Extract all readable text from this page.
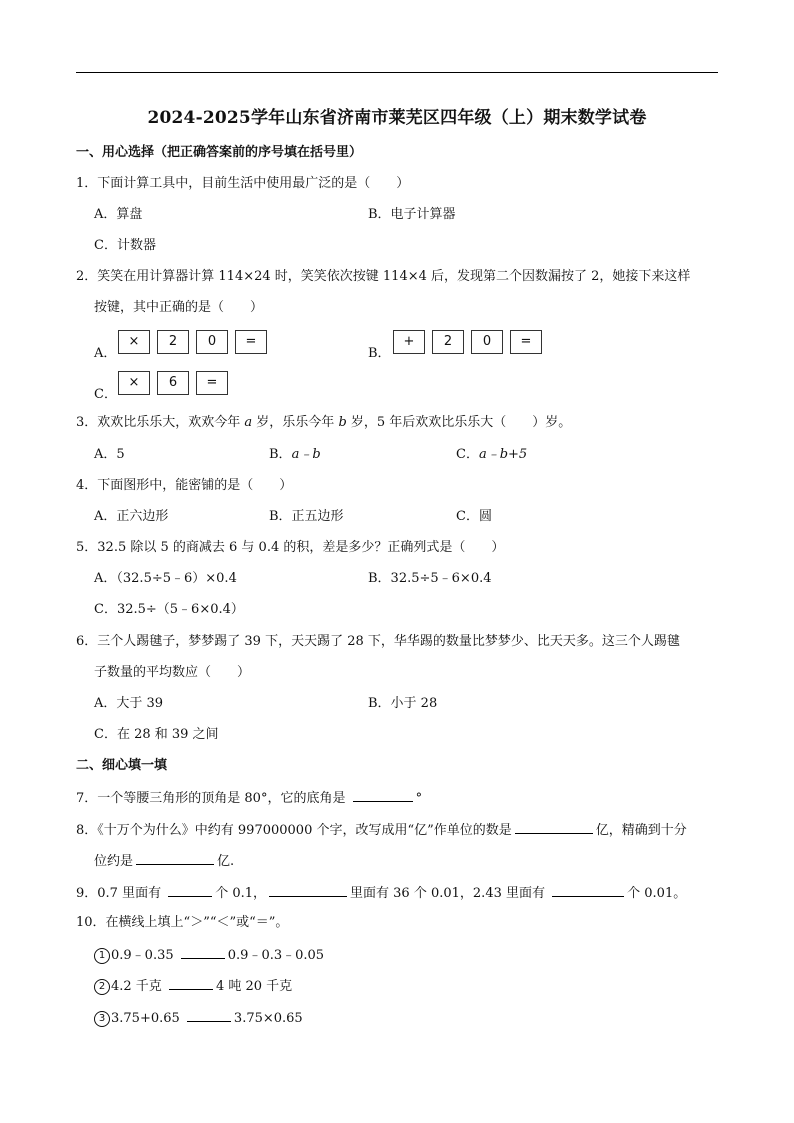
2024-2025学年山东省济南市莱芜区四年级（上）期末数学试卷
一、用心选择（把正确答案前的序号填在括号里）
1．下面计算工具中，目前生活中使用最广泛的是（　　）
A．算盘	B．电子计算器
C．计数器
2．笑笑在用计算器计算 114×24 时，笑笑依次按键 114×4 后，发现第二个因数漏按了 2，她接下来这样
按键，其中正确的是（　　）
A．
×	2	0	=
B．
+	2	0	=
C．
×	6	=
3．欢欢比乐乐大，欢欢今年 a 岁，乐乐今年 b 岁，5 年后欢欢比乐乐大（　　）岁。
A．5	B．a﹣b	C．a﹣b+5
4．下面图形中，能密铺的是（　　）
A．正六边形	B．正五边形	C．圆
5．32.5 除以 5 的商减去 6 与 0.4 的积，差是多少？正确列式是（　　）
A．（32.5÷5﹣6）×0.4	B．32.5÷5﹣6×0.4
C．32.5÷（5﹣6×0.4）
6．三个人踢毽子，梦梦踢了 39 下，天天踢了 28 下，华华踢的数量比梦梦少、比天天多。这三个人踢毽
子数量的平均数应（　　）
A．大于 39	B．小于 28
C．在 28 和 39 之间
二、细心填一填
7．一个等腰三角形的顶角是 80°，它的底角是	°
8．《十万个为什么》中约有 997000000 个字，改写成用“亿”作单位的数是	亿，精确到十分
位约是	亿.
9．0.7 里面有	个 0.1，	里面有 36 个 0.01，2.43 里面有	个 0.01。
10．在横线上填上“＞”“＜”或“＝”。
1 0.9﹣0.35	0.9﹣0.3﹣0.05
2 4.2 千克	4 吨 20 千克
3 3.75+0.65	3.75×0.65
